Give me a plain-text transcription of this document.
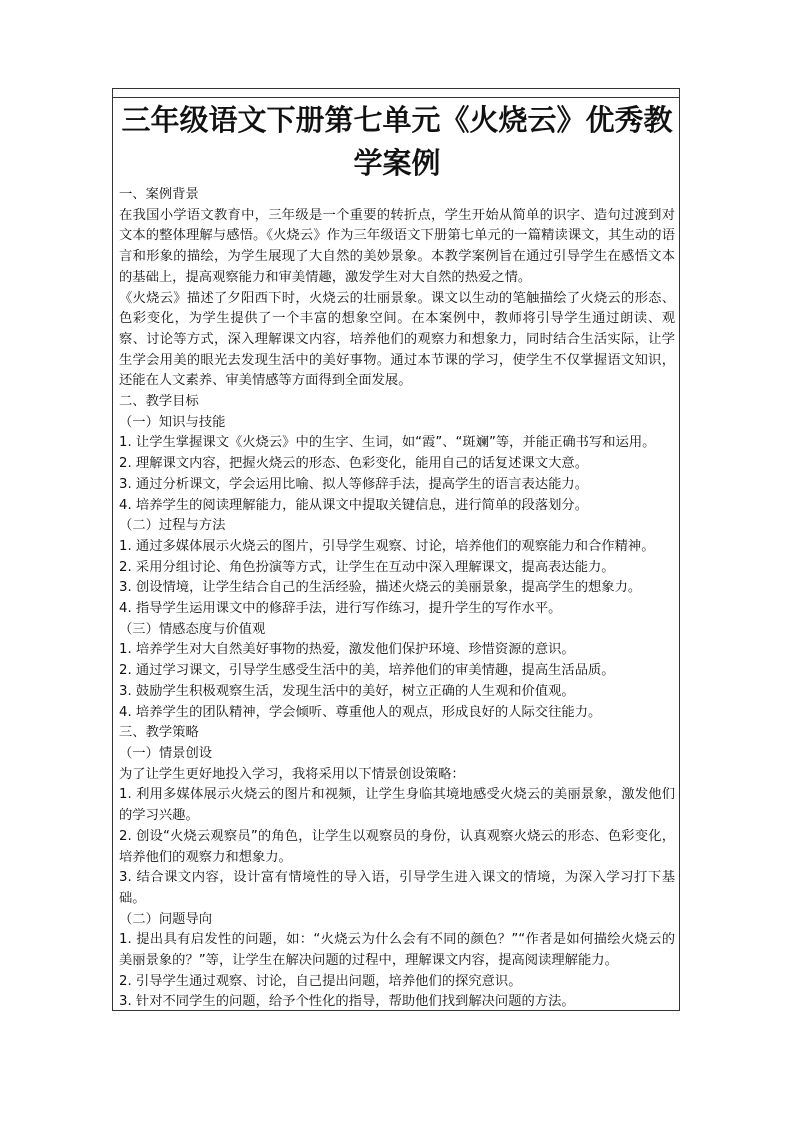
三年级语文下册第七单元《火烧云》优秀教学案例

一、案例背景

在我国小学语文教育中，三年级是一个重要的转折点，学生开始从简单的识字、造句过渡到对文本的整体理解与感悟。《火烧云》作为三年级语文下册第七单元的一篇精读课文，其生动的语言和形象的描绘，为学生展现了大自然的美妙景象。本教学案例旨在通过引导学生在感悟文本的基础上，提高观察能力和审美情趣，激发学生对大自然的热爱之情。

《火烧云》描述了夕阳西下时，火烧云的壮丽景象。课文以生动的笔触描绘了火烧云的形态、色彩变化，为学生提供了一个丰富的想象空间。在本案例中，教师将引导学生通过朗读、观察、讨论等方式，深入理解课文内容，培养他们的观察力和想象力，同时结合生活实际，让学生学会用美的眼光去发现生活中的美好事物。通过本节课的学习，使学生不仅掌握语文知识，还能在人文素养、审美情感等方面得到全面发展。

二、教学目标

（一）知识与技能

1. 让学生掌握课文《火烧云》中的生字、生词，如“霞”、“斑斓”等，并能正确书写和运用。

2. 理解课文内容，把握火烧云的形态、色彩变化，能用自己的话复述课文大意。

3. 通过分析课文，学会运用比喻、拟人等修辞手法，提高学生的语言表达能力。

4. 培养学生的阅读理解能力，能从课文中提取关键信息，进行简单的段落划分。

（二）过程与方法

1. 通过多媒体展示火烧云的图片，引导学生观察、讨论，培养他们的观察能力和合作精神。

2. 采用分组讨论、角色扮演等方式，让学生在互动中深入理解课文，提高表达能力。

3. 创设情境，让学生结合自己的生活经验，描述火烧云的美丽景象，提高学生的想象力。

4. 指导学生运用课文中的修辞手法，进行写作练习，提升学生的写作水平。

（三）情感态度与价值观

1. 培养学生对大自然美好事物的热爱，激发他们保护环境、珍惜资源的意识。

2. 通过学习课文，引导学生感受生活中的美，培养他们的审美情趣，提高生活品质。

3. 鼓励学生积极观察生活，发现生活中的美好，树立正确的人生观和价值观。

4. 培养学生的团队精神，学会倾听、尊重他人的观点，形成良好的人际交往能力。

三、教学策略

（一）情景创设

为了让学生更好地投入学习，我将采用以下情景创设策略：

1. 利用多媒体展示火烧云的图片和视频，让学生身临其境地感受火烧云的美丽景象，激发他们的学习兴趣。

2. 创设“火烧云观察员”的角色，让学生以观察员的身份，认真观察火烧云的形态、色彩变化，培养他们的观察力和想象力。

3. 结合课文内容，设计富有情境性的导入语，引导学生进入课文的情境，为深入学习打下基础。

（二）问题导向

1. 提出具有启发性的问题，如：“火烧云为什么会有不同的颜色？”“作者是如何描绘火烧云的美丽景象的？”等，让学生在解决问题的过程中，理解课文内容，提高阅读理解能力。

2. 引导学生通过观察、讨论，自己提出问题，培养他们的探究意识。

3. 针对不同学生的问题，给予个性化的指导，帮助他们找到解决问题的方法。
